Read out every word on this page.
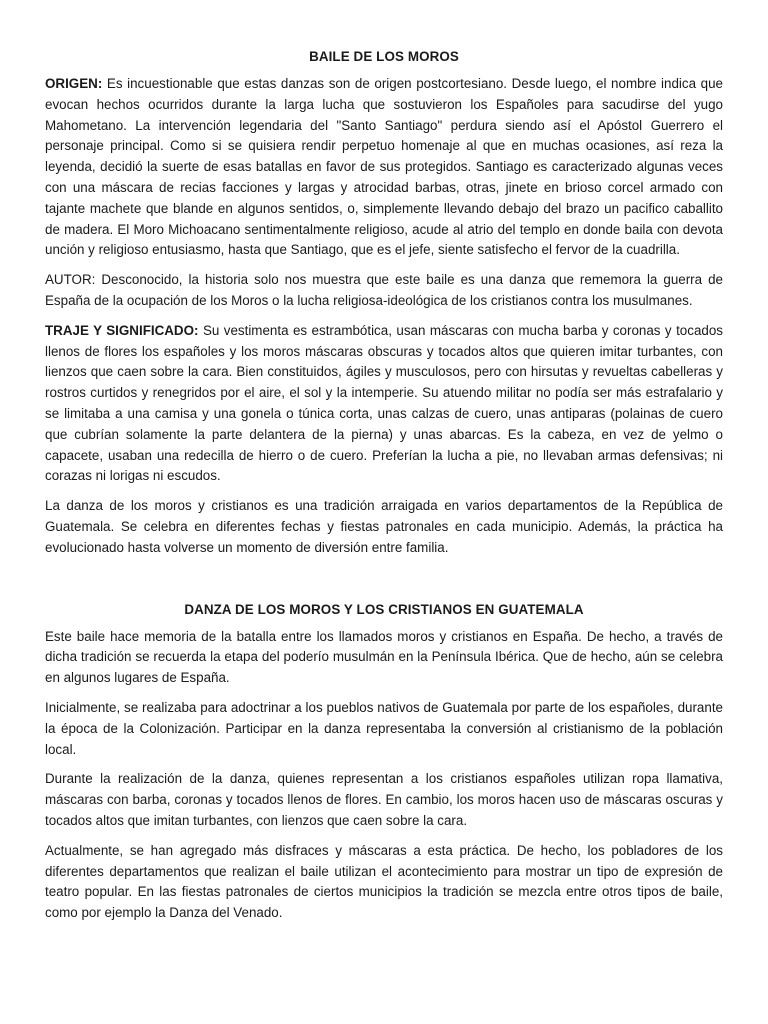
BAILE DE LOS MOROS

ORIGEN: Es incuestionable que estas danzas son de origen postcortesiano. Desde luego, el nombre indica que evocan hechos ocurridos durante la larga lucha que sostuvieron los Españoles para sacudirse del yugo Mahometano. La intervención legendaria del "Santo Santiago" perdura siendo así el Apóstol Guerrero el personaje principal. Como si se quisiera rendir perpetuo homenaje al que en muchas ocasiones, así reza la leyenda, decidió la suerte de esas batallas en favor de sus protegidos. Santiago es caracterizado algunas veces con una máscara de recias facciones y largas y atrocidad barbas, otras, jinete en brioso corcel armado con tajante machete que blande en algunos sentidos, o, simplemente llevando debajo del brazo un pacifico caballito de madera. El Moro Michoacano sentimentalmente religioso, acude al atrio del templo en donde baila con devota unción y religioso entusiasmo, hasta que Santiago, que es el jefe, siente satisfecho el fervor de la cuadrilla.

AUTOR: Desconocido, la historia solo nos muestra que este baile es una danza que rememora la guerra de España de la ocupación de los Moros o la lucha religiosa-ideológica de los cristianos contra los musulmanes.

TRAJE Y SIGNIFICADO: Su vestimenta es estrambótica, usan máscaras con mucha barba y coronas y tocados llenos de flores los españoles y los moros máscaras obscuras y tocados altos que quieren imitar turbantes, con lienzos que caen sobre la cara. Bien constituidos, ágiles y musculosos, pero con hirsutas y revueltas cabelleras y rostros curtidos y renegridos por el aire, el sol y la intemperie. Su atuendo militar no podía ser más estrafalario y se limitaba a una camisa y una gonela o túnica corta, unas calzas de cuero, unas antiparas (polainas de cuero que cubrían solamente la parte delantera de la pierna) y unas abarcas. Es la cabeza, en vez de yelmo o capacete, usaban una redecilla de hierro o de cuero. Preferían la lucha a pie, no llevaban armas defensivas; ni corazas ni lorigas ni escudos.

La danza de los moros y cristianos es una tradición arraigada en varios departamentos de la República de Guatemala. Se celebra en diferentes fechas y fiestas patronales en cada municipio. Además, la práctica ha evolucionado hasta volverse un momento de diversión entre familia.

DANZA DE LOS MOROS Y LOS CRISTIANOS EN GUATEMALA

Este baile hace memoria de la batalla entre los llamados moros y cristianos en España. De hecho, a través de dicha tradición se recuerda la etapa del poderío musulmán en la Península Ibérica. Que de hecho, aún se celebra en algunos lugares de España.

Inicialmente, se realizaba para adoctrinar a los pueblos nativos de Guatemala por parte de los españoles, durante la época de la Colonización. Participar en la danza representaba la conversión al cristianismo de la población local.

Durante la realización de la danza, quienes representan a los cristianos españoles utilizan ropa llamativa, máscaras con barba, coronas y tocados llenos de flores. En cambio, los moros hacen uso de máscaras oscuras y tocados altos que imitan turbantes, con lienzos que caen sobre la cara.

Actualmente, se han agregado más disfraces y máscaras a esta práctica. De hecho, los pobladores de los diferentes departamentos que realizan el baile utilizan el acontecimiento para mostrar un tipo de expresión de teatro popular. En las fiestas patronales de ciertos municipios la tradición se mezcla entre otros tipos de baile, como por ejemplo la Danza del Venado.
